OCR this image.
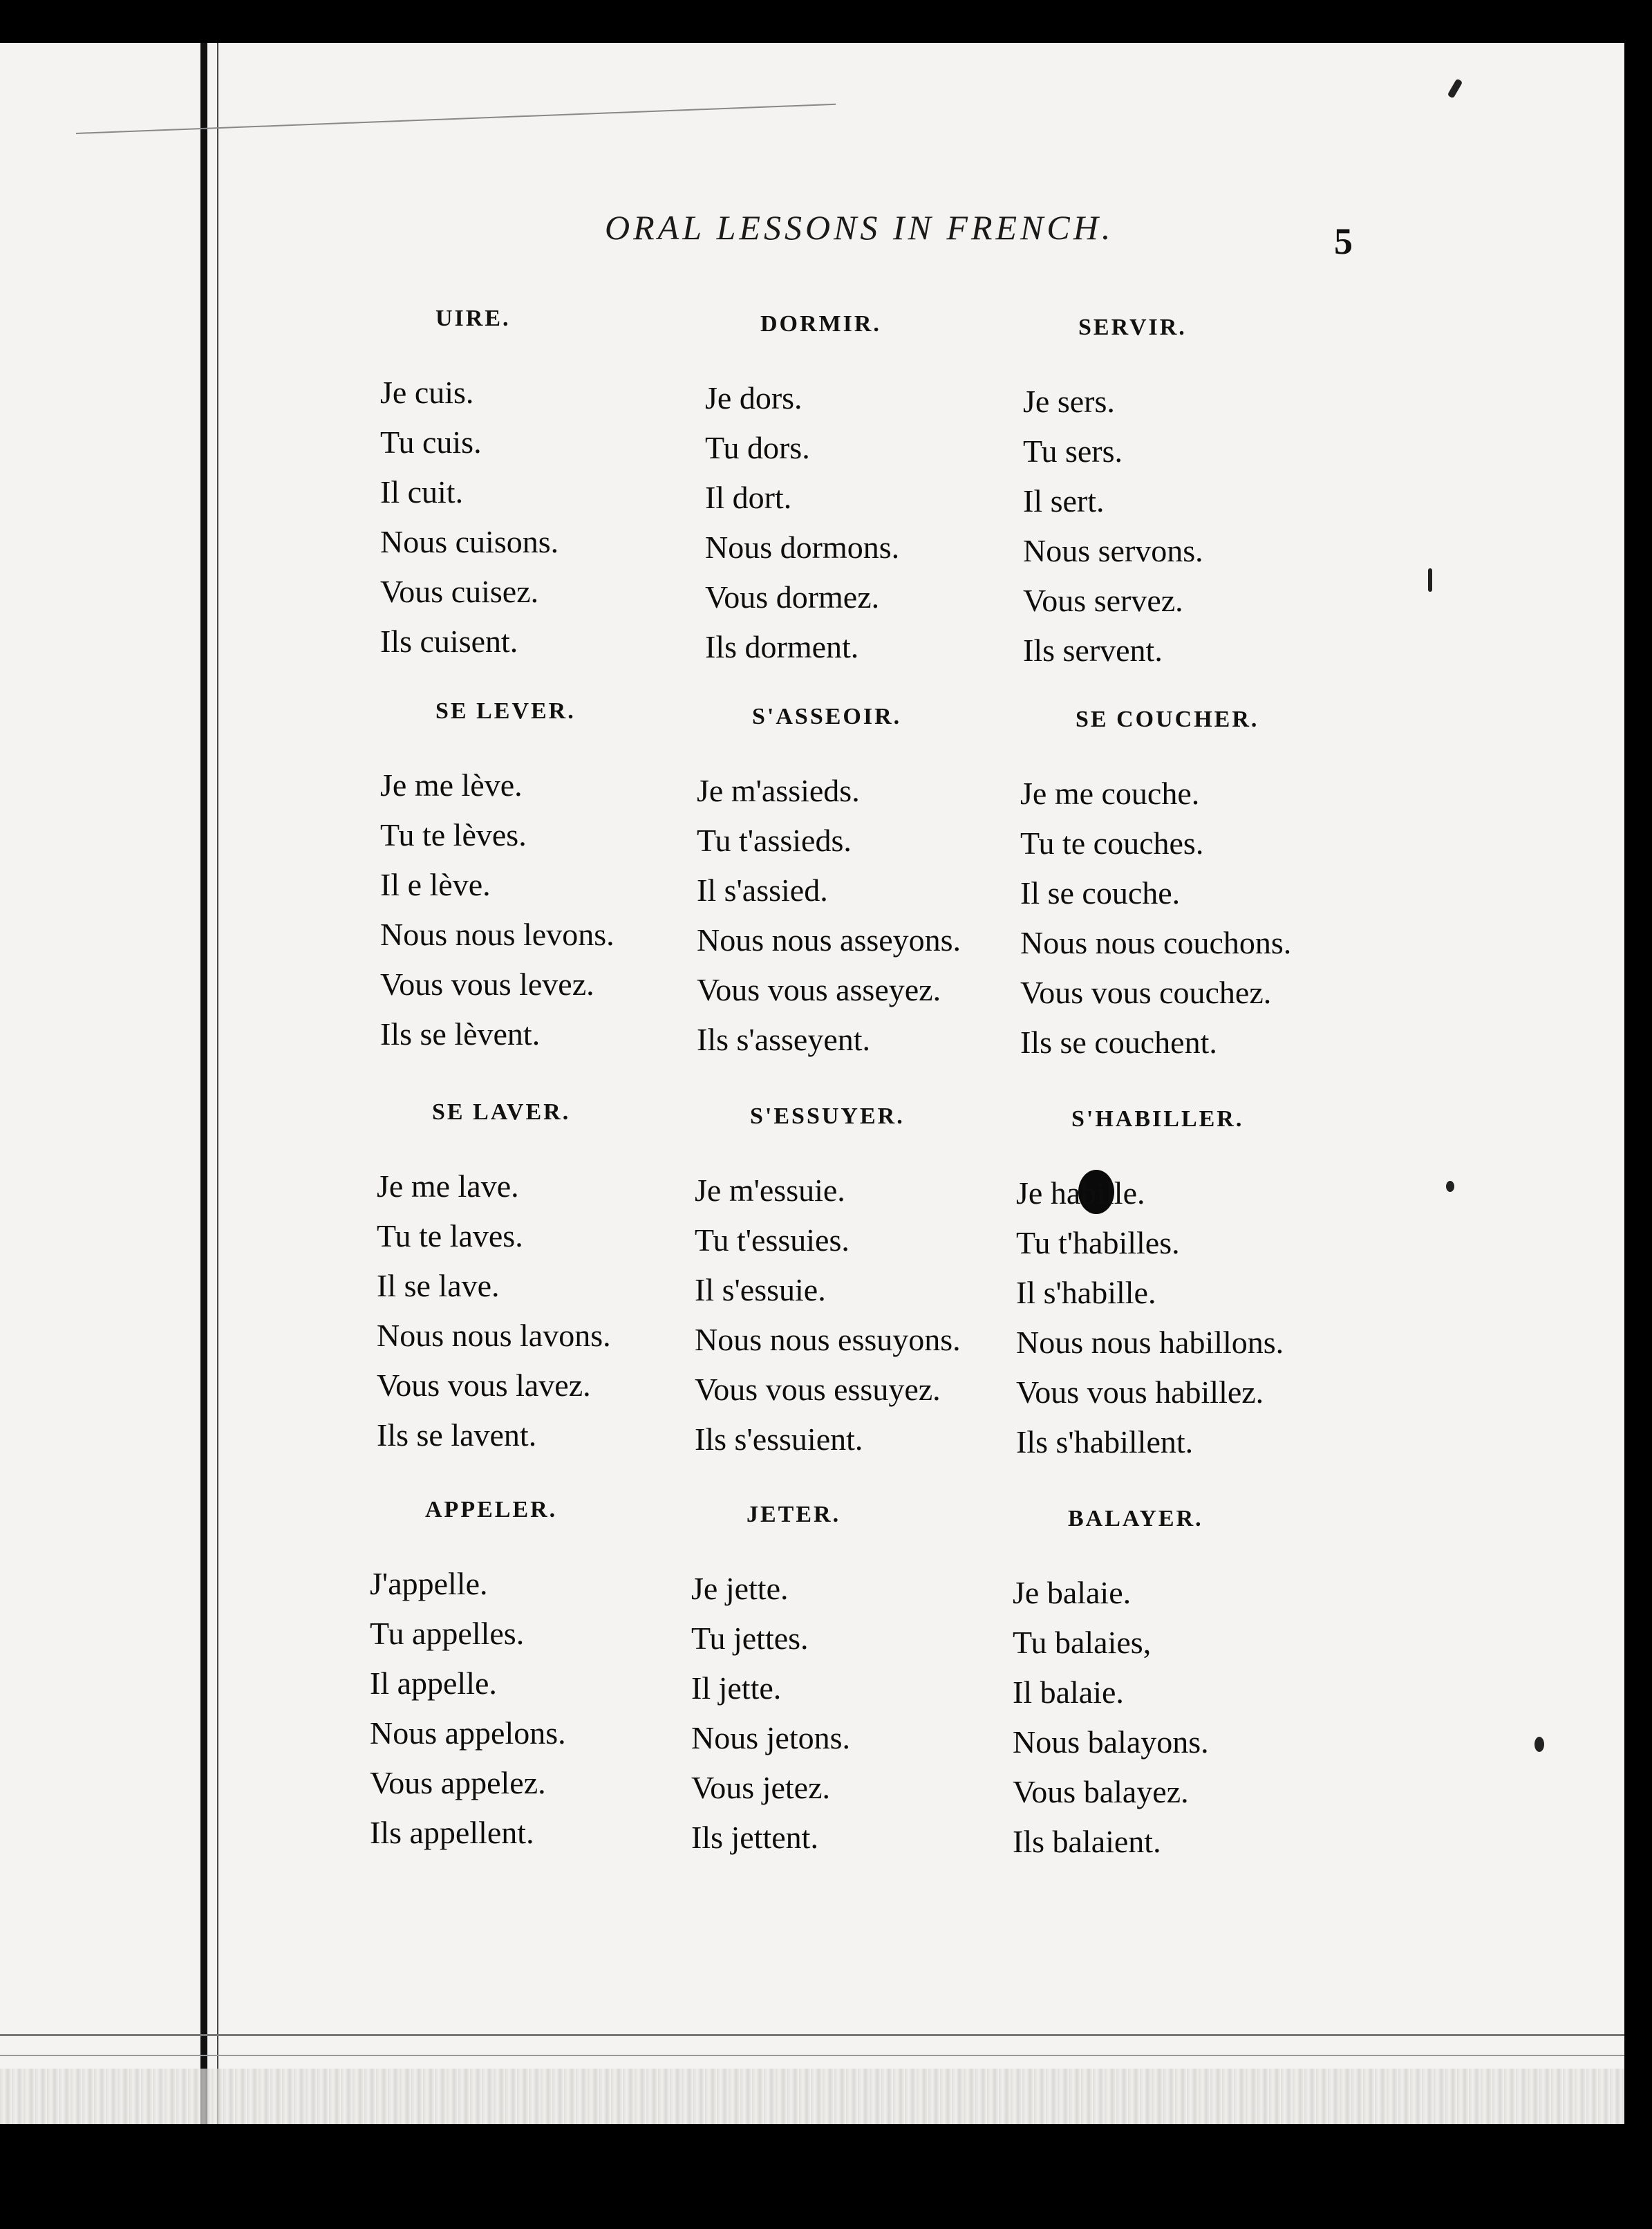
ORAL LESSONS IN FRENCH.	5
UIRE.
Je cuis.
Tu cuis.
Il cuit.
Nous cuisons.
Vous cuisez.
Ils cuisent.
DORMIR.
Je dors.
Tu dors.
Il dort.
Nous dormons.
Vous dormez.
Ils dorment.
SERVIR.
Je sers.
Tu sers.
Il sert.
Nous servons.
Vous servez.
Ils servent.
SE LEVER.
Je me lève.
Tu te lèves.
Il e lève.
Nous nous levons.
Vous vous levez.
Ils se lèvent.
S'ASSEOIR.
Je m'assieds.
Tu t'assieds.
Il s'assied.
Nous nous asseyons.
Vous vous asseyez.
Ils s'asseyent.
SE COUCHER.
Je me couche.
Tu te couches.
Il se couche.
Nous nous couchons.
Vous vous couchez.
Ils se couchent.
SE LAVER.
Je me lave.
Tu te laves.
Il se lave.
Nous nous lavons.
Vous vous lavez.
Ils se lavent.
S'ESSUYER.
Je m'essuie.
Tu t'essuies.
Il s'essuie.
Nous nous essuyons.
Vous vous essuyez.
Ils s'essuient.
S'HABILLER.
Je habille.
Tu t'habilles.
Il s'habille.
Nous nous habillons.
Vous vous habillez.
Ils s'habillent.
APPELER.
J'appelle.
Tu appelles.
Il appelle.
Nous appelons.
Vous appelez.
Ils appellent.
JETER.
Je jette.
Tu jettes.
Il jette.
Nous jetons.
Vous jetez.
Ils jettent.
BALAYER.
Je balaie.
Tu balaies,
Il balaie.
Nous balayons.
Vous balayez.
Ils balaient.
